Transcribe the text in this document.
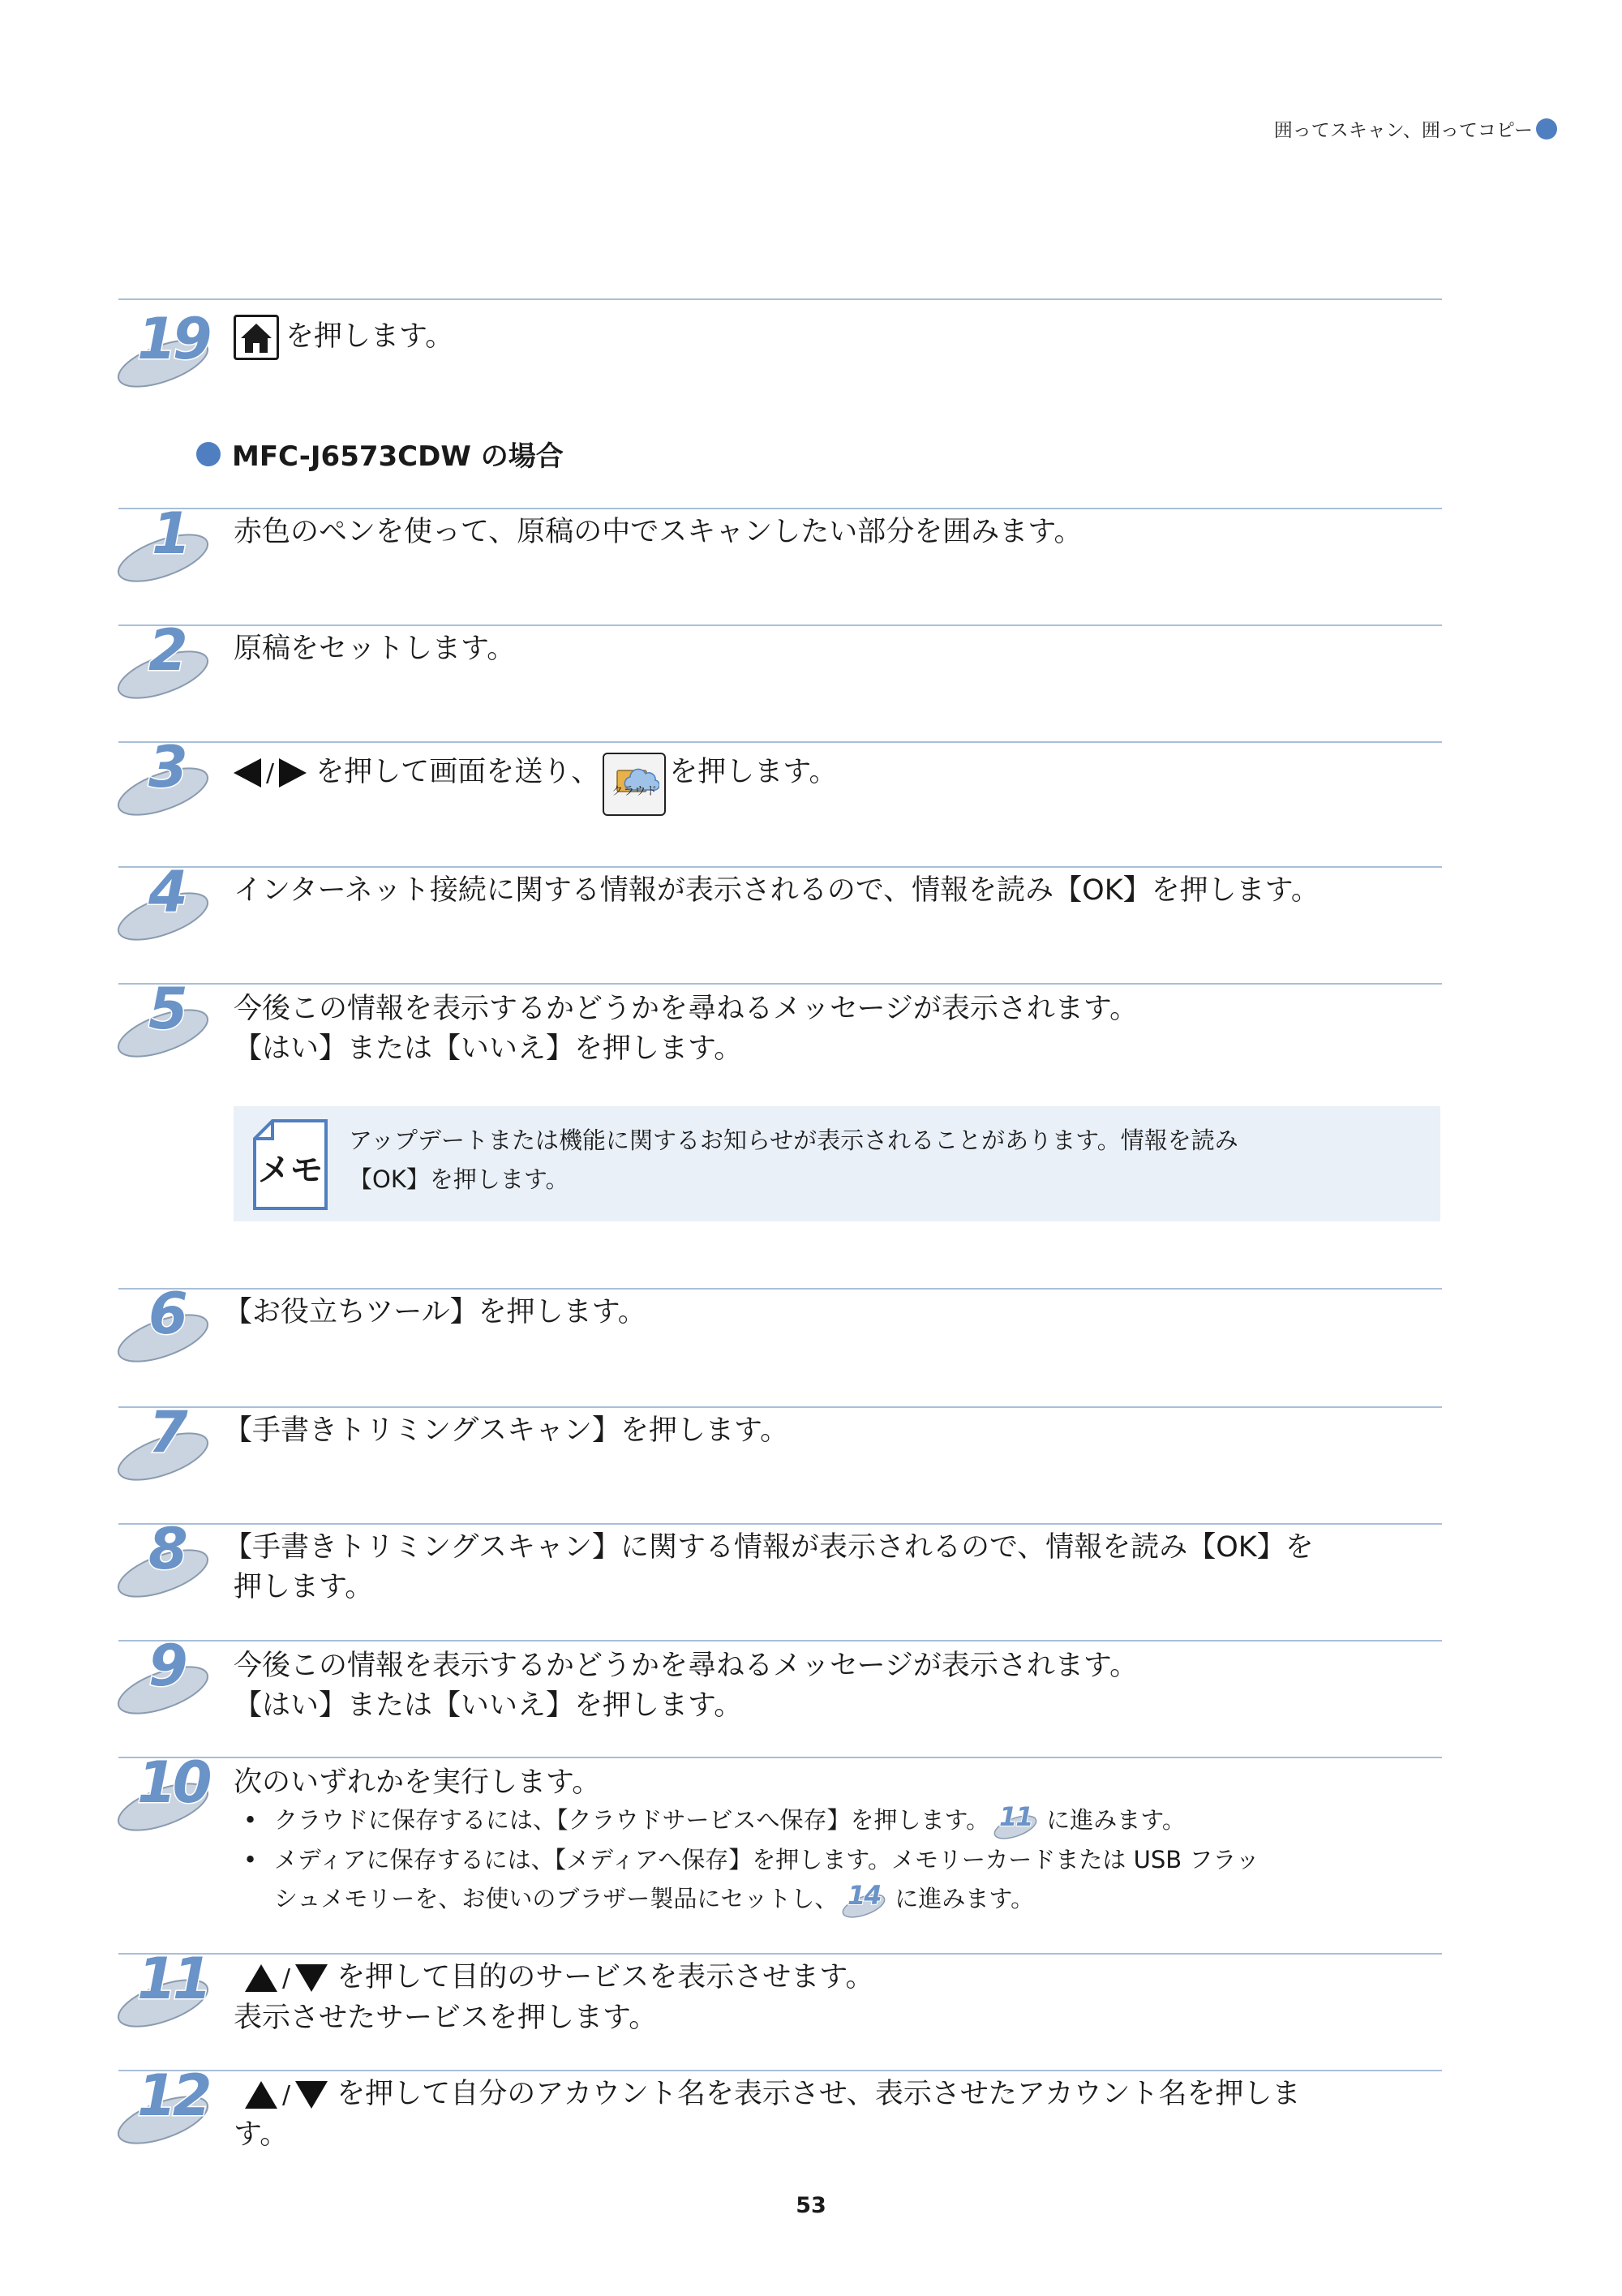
囲ってスキャン、囲ってコピー
19	を押します。
MFC-J6573CDW の場合
1 赤色のペンを使って、原稿の中でスキャンしたい部分を囲みます。
2 原稿をセットします。
3	/ を押して画面を送り、
クラウド
を押します。
4 インターネット接続に関する情報が表示されるので、情報を読み【OK】を押します。
5 今後この情報を表示するかどうかを尋ねるメッセージが表示されます。
【はい】または【いいえ】を押します。
メモ
アップデートまたは機能に関するお知らせが表示されることがあります。情報を読み
【OK】を押します。
6 【お役立ちツール】を押します。
7 【手書きトリミングスキャン】を押します。
8 【手書きトリミングスキャン】に関する情報が表示されるので、情報を読み【OK】を
押します。
9 今後この情報を表示するかどうかを尋ねるメッセージが表示されます。
【はい】または【いいえ】を押します。
10 次のいずれかを実行します。
• クラウドに保存するには、【クラウドサービスへ保存】を押します。 11 に進みます。
• メディアに保存するには、【メディアへ保存】を押します。メモリーカードまたは USB フラッ
シュメモリーを、お使いのブラザー製品にセットし、 14 に進みます。
11	/ を押して目的のサービスを表示させます。
表示させたサービスを押します。
12	/ を押して自分のアカウント名を表示させ、表示させたアカウント名を押しま
す。
53
